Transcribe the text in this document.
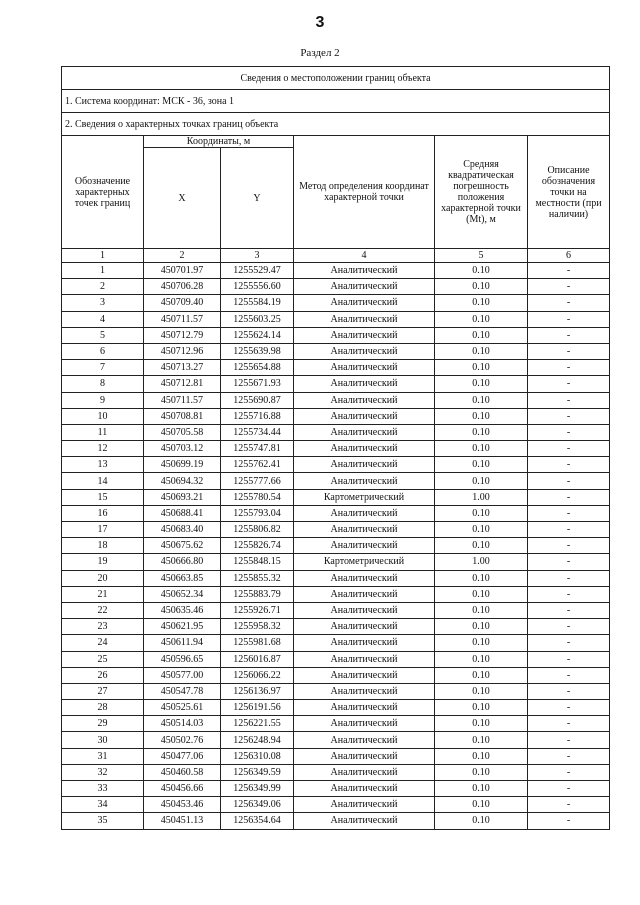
3
Раздел 2
Сведения о местоположении границ объекта					
1. Система координат: МСК - 36, зона 1					
2. Сведения о характерных точках границ объекта					
Обозначение характерных точек границ	Координаты, м		Метод определения координат характерной точки	Средняя квадратическая погрешность положения характерной точки (Mt), м	Описание обозначения точки на местности (при наличии)
	X	Y			
1	2	3	4	5	6
1	450701.97	1255529.47	Аналитический	0.10	-
2	450706.28	1255556.60	Аналитический	0.10	-
3	450709.40	1255584.19	Аналитический	0.10	-
4	450711.57	1255603.25	Аналитический	0.10	-
5	450712.79	1255624.14	Аналитический	0.10	-
6	450712.96	1255639.98	Аналитический	0.10	-
7	450713.27	1255654.88	Аналитический	0.10	-
8	450712.81	1255671.93	Аналитический	0.10	-
9	450711.57	1255690.87	Аналитический	0.10	-
10	450708.81	1255716.88	Аналитический	0.10	-
11	450705.58	1255734.44	Аналитический	0.10	-
12	450703.12	1255747.81	Аналитический	0.10	-
13	450699.19	1255762.41	Аналитический	0.10	-
14	450694.32	1255777.66	Аналитический	0.10	-
15	450693.21	1255780.54	Картометрический	1.00	-
16	450688.41	1255793.04	Аналитический	0.10	-
17	450683.40	1255806.82	Аналитический	0.10	-
18	450675.62	1255826.74	Аналитический	0.10	-
19	450666.80	1255848.15	Картометрический	1.00	-
20	450663.85	1255855.32	Аналитический	0.10	-
21	450652.34	1255883.79	Аналитический	0.10	-
22	450635.46	1255926.71	Аналитический	0.10	-
23	450621.95	1255958.32	Аналитический	0.10	-
24	450611.94	1255981.68	Аналитический	0.10	-
25	450596.65	1256016.87	Аналитический	0.10	-
26	450577.00	1256066.22	Аналитический	0.10	-
27	450547.78	1256136.97	Аналитический	0.10	-
28	450525.61	1256191.56	Аналитический	0.10	-
29	450514.03	1256221.55	Аналитический	0.10	-
30	450502.76	1256248.94	Аналитический	0.10	-
31	450477.06	1256310.08	Аналитический	0.10	-
32	450460.58	1256349.59	Аналитический	0.10	-
33	450456.66	1256349.99	Аналитический	0.10	-
34	450453.46	1256349.06	Аналитический	0.10	-
35	450451.13	1256354.64	Аналитический	0.10	-
